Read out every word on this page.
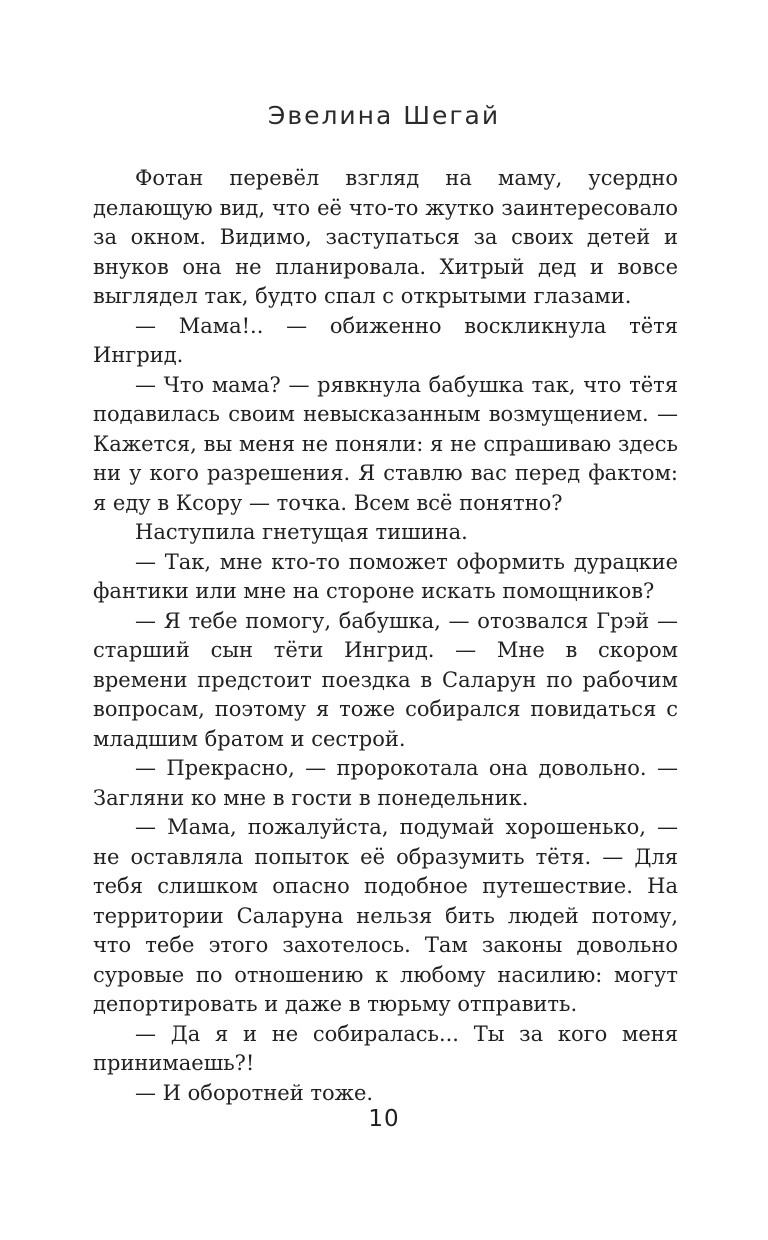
Эвелина Шегай

Фотан перевёл взгляд на маму, усердно делающую вид, что её что-то жутко заинтересовало за окном. Видимо, заступаться за своих детей и внуков она не планировала. Хитрый дед и вовсе выглядел так, будто спал с открытыми глазами.

— Мама!.. — обиженно воскликнула тётя Ингрид.

— Что мама? — рявкнула бабушка так, что тётя подавилась своим невысказанным возмущением. — Кажется, вы меня не поняли: я не спрашиваю здесь ни у кого разрешения. Я ставлю вас перед фактом: я еду в Ксору — точка. Всем всё понятно?

Наступила гнетущая тишина.

— Так, мне кто-то поможет оформить дурацкие фантики или мне на стороне искать помощников?

— Я тебе помогу, бабушка, — отозвался Грэй — старший сын тёти Ингрид. — Мне в скором времени предстоит поездка в Саларун по рабочим вопросам, поэтому я тоже собирался повидаться с младшим братом и сестрой.

— Прекрасно, — пророкотала она довольно. — Загляни ко мне в гости в понедельник.

— Мама, пожалуйста, подумай хорошенько, — не оставляла попыток её образумить тётя. — Для тебя слишком опасно подобное путешествие. На территории Саларуна нельзя бить людей потому, что тебе этого захотелось. Там законы довольно суровые по отношению к любому насилию: могут депортировать и даже в тюрьму отправить.

— Да я и не собиралась... Ты за кого меня принимаешь?!

— И оборотней тоже.

10
